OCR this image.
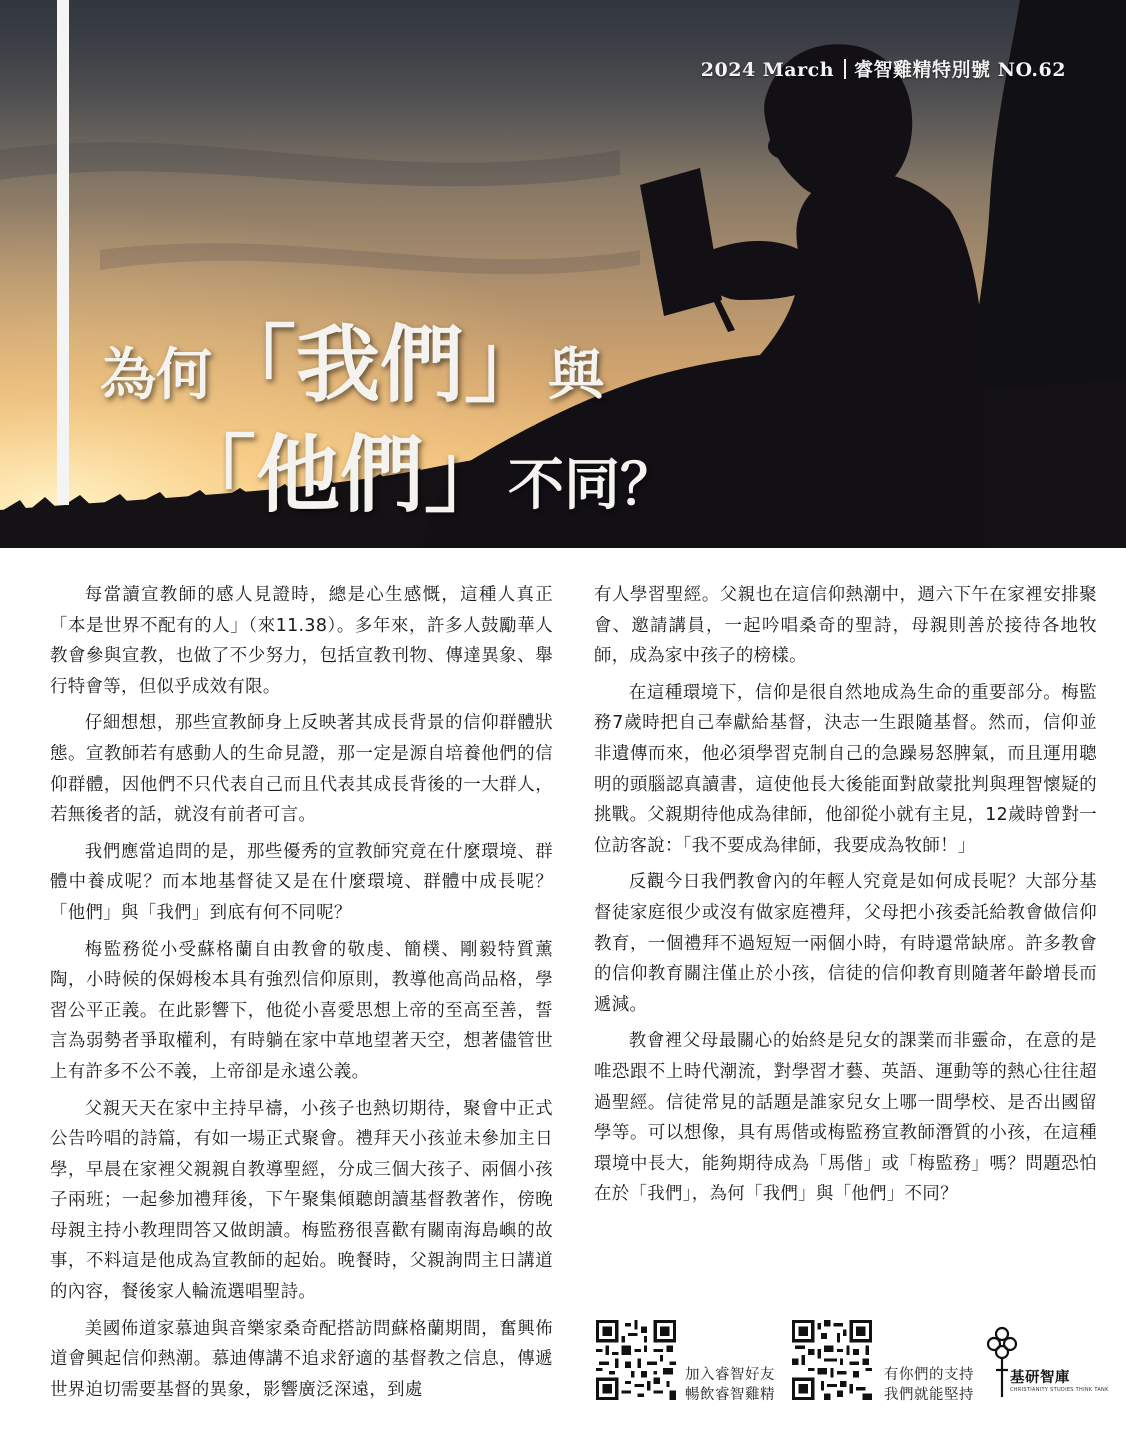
2024 March 睿智雞精特別號 NO.62
為何「我們」與
「他們」不同？

每當讀宣教師的感人見證時，總是心生感慨，這種人真正「本是世界不配有的人」（來11.38）。多年來，許多人鼓勵華人教會參與宣教，也做了不少努力，包括宣教刊物、傳達異象、舉行特會等，但似乎成效有限。

仔細想想，那些宣教師身上反映著其成長背景的信仰群體狀態。宣教師若有感動人的生命見證，那一定是源自培養他們的信仰群體，因他們不只代表自己而且代表其成長背後的一大群人，若無後者的話，就沒有前者可言。

我們應當追問的是，那些優秀的宣教師究竟在什麼環境、群體中養成呢？而本地基督徒又是在什麼環境、群體中成長呢？「他們」與「我們」到底有何不同呢？

梅監務從小受蘇格蘭自由教會的敬虔、簡樸、剛毅特質薰陶，小時候的保姆梭本具有強烈信仰原則，教導他高尚品格，學習公平正義。在此影響下，他從小喜愛思想上帝的至高至善，誓言為弱勢者爭取權利，有時躺在家中草地望著天空，想著儘管世上有許多不公不義，上帝卻是永遠公義。

父親天天在家中主持早禱，小孩子也熱切期待，聚會中正式公告吟唱的詩篇，有如一場正式聚會。禮拜天小孩並未參加主日學，早晨在家裡父親親自教導聖經，分成三個大孩子、兩個小孩子兩班；一起參加禮拜後，下午聚集傾聽朗讀基督教著作，傍晚母親主持小教理問答又做朗讀。梅監務很喜歡有關南海島嶼的故事，不料這是他成為宣教師的起始。晚餐時，父親詢問主日講道的內容，餐後家人輪流選唱聖詩。

美國佈道家慕迪與音樂家桑奇配搭訪問蘇格蘭期間，奮興佈道會興起信仰熱潮。慕迪傳講不追求舒適的基督教之信息，傳遞世界迫切需要基督的異象，影響廣泛深遠，到處

有人學習聖經。父親也在這信仰熱潮中，週六下午在家裡安排聚會、邀請講員，一起吟唱桑奇的聖詩，母親則善於接待各地牧師，成為家中孩子的榜樣。

在這種環境下，信仰是很自然地成為生命的重要部分。梅監務7歲時把自己奉獻給基督，決志一生跟隨基督。然而，信仰並非遺傳而來，他必須學習克制自己的急躁易怒脾氣，而且運用聰明的頭腦認真讀書，這使他長大後能面對啟蒙批判與理智懷疑的挑戰。父親期待他成為律師，他卻從小就有主見，12歲時曾對一位訪客說：「我不要成為律師，我要成為牧師！」

反觀今日我們教會內的年輕人究竟是如何成長呢？大部分基督徒家庭很少或沒有做家庭禮拜，父母把小孩委託給教會做信仰教育，一個禮拜不過短短一兩個小時，有時還常缺席。許多教會的信仰教育關注僅止於小孩，信徒的信仰教育則隨著年齡增長而遞減。

教會裡父母最關心的始終是兒女的課業而非靈命，在意的是唯恐跟不上時代潮流，對學習才藝、英語、運動等的熱心往往超過聖經。信徒常見的話題是誰家兒女上哪一間學校、是否出國留學等。可以想像，具有馬偕或梅監務宣教師潛質的小孩，在這種環境中長大，能夠期待成為「馬偕」或「梅監務」嗎？問題恐怕在於「我們」，為何「我們」與「他們」不同？

加入睿智好友
暢飲睿智雞精
有你們的支持
我們就能堅持
基研智庫
CHRISTIANITY STUDIES THINK TANK
